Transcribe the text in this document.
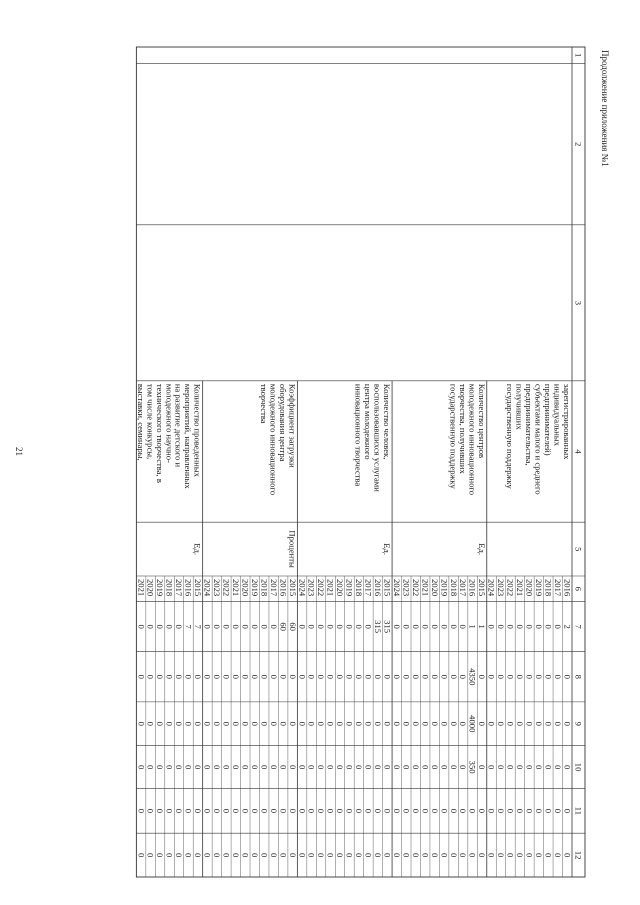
21
Продолжение приложения №1
1
2
3
4
5
6
7
8
9
10
11
12
зарегистрированных
индивидуальных
предпринимателей)
субъектами малого и среднего
предпринимательства,
получивших
государственную поддержку
2016
2
0
0
0
0
0
2017
0
0
0
0
0
0
2018
0
0
0
0
0
0
2019
0
0
0
0
0
0
2020
0
0
0
0
0
0
2021
0
0
0
0
0
0
2022
0
0
0
0
0
0
2023
0
0
0
0
0
0
2024
0
0
0
0
0
0
Количество центров
молодежного инновационного
творчества, получивших
государственную поддержку
Ед.
2015
1
0
0
0
0
0
2016
1
4350
4000
350
0
0
2017
0
0
0
0
0
0
2018
0
0
0
0
0
0
2019
0
0
0
0
0
0
2020
0
0
0
0
0
0
2021
0
0
0
0
0
0
2022
0
0
0
0
0
0
2023
0
0
0
0
0
0
2024
0
0
0
0
0
0
Количество человек,
воспользовавшихся услугами
центра молодежного
инновационного творчества
Ед.
2015
315
0
0
0
0
0
2016
315
0
0
0
0
0
2017
0
0
0
0
0
0
2018
0
0
0
0
0
0
2019
0
0
0
0
0
0
2020
0
0
0
0
0
0
2021
0
0
0
0
0
0
2022
0
0
0
0
0
0
2023
0
0
0
0
0
0
2024
0
0
0
0
0
0
Коэффициент загрузки
оборудования центра
молодежного инновационного
творчества
Проценты
2015
60
0
0
0
0
0
2016
60
0
0
0
0
0
2017
0
0
0
0
0
0
2018
0
0
0
0
0
0
2019
0
0
0
0
0
0
2020
0
0
0
0
0
0
2021
0
0
0
0
0
0
2022
0
0
0
0
0
0
2023
0
0
0
0
0
0
2024
0
0
0
0
0
0
Количество проведенных
мероприятий, направленных
на развитие детского и
молодежного научно-
технического творчества, в
том числе конкурсы,
выставки, семинары,
Ед.
2015
7
0
0
0
0
0
2016
7
0
0
0
0
0
2017
0
0
0
0
0
0
2018
0
0
0
0
0
0
2019
0
0
0
0
0
0
2020
0
0
0
0
0
0
2021
0
0
0
0
0
0
